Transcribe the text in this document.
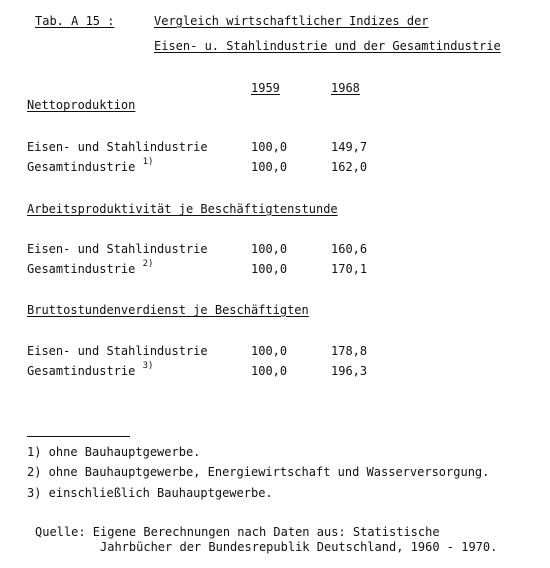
Tab. A 15 :	Vergleich wirtschaftlicher Indizes der
Eisen- u. Stahlindustrie und der Gesamtindustrie
1959	1968
Nettoproduktion
Eisen- und Stahlindustrie	100,0	149,7
Gesamtindustrie $^{1)}$	100,0	162,0
Arbeitsproduktivität je Beschäftigtenstunde
Eisen- und Stahlindustrie	100,0	160,6
Gesamtindustrie $^{2)}$	100,0	170,1
Bruttostundenverdienst je Beschäftigten
Eisen- und Stahlindustrie	100,0	178,8
Gesamtindustrie $^{3)}$	100,0	196,3
1) ohne Bauhauptgewerbe.
2) ohne Bauhauptgewerbe, Energiewirtschaft und Wasserversorgung.
3) einschließlich Bauhauptgewerbe.
Quelle: Eigene Berechnungen nach Daten aus: Statistische
Jahrbücher der Bundesrepublik Deutschland, 1960 - 1970.
